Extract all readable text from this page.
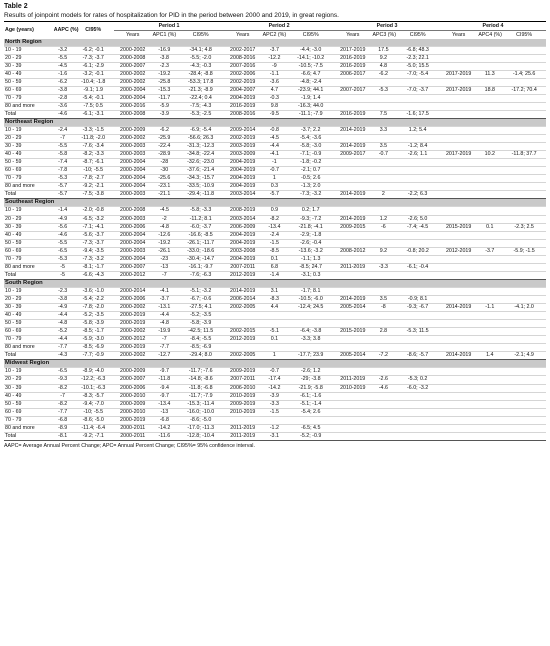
Table 2
Results of joinpoint models for rates of hospitalization for PID in the period between 2000 and 2019, in great regions.
Age (years)	AAPC (%)	CI95%	Period 1			Period 2			Period 3			Period 4		
			Years	APC1 (%)	CI95%	Years	APC2 (%)	CI95%	Years	APC3 (%)	CI95%	Years	APC4 (%)	CI95%
North Region														
10 - 19	-3.2	-6.2; -0.1	2000-2002	-16.9	-34.1; 4.8	2002-2017	-3.7	-4.4; -3.0	2017-2019	17.5	-6.8; 48.3			
20 - 29	-5.5	-7.3; -3.7	2000-2008	-3.8	-5.5; -2.0	2008-2016	-12.2	-14.1; -10.2	2016-2019	9.2	-2.3; 22.1			
30 - 39	-4.5	-6.1; -2.9	2000-2007	-2.3	-4.3; -0.3	2007-2016	-9	-10.5; -7.5	2016-2019	4.8	-5.0; 15.5			
40 - 49	-1.6	-3.2; -0.1	2000-2002	-19.2	-28.4; -8.8	2002-2006	-1.1	-6.6; 4.7	2006-2017	-6.2	-7.0; -5.4	2017-2019	11.3	-1.4; 25.6
50 - 59	-6.2	-10.4; -1.8	2000-2002	-25.8	-53.3; 17.8	2002-2019	-3.6	-4.8; -2.4						
60 - 69	-3.8	-9.1; 1.9	2000-2004	-15.3	-21.3; -8.9	2004-2007	4.7	-23.9; 44.1	2007-2017	-5.3	-7.0; -3.7	2017-2019	18.8	-17.2; 70.4
70 - 79	-2.8	-5.4; -0.1	2000-2004	-11.7	-22.4; 0.4	2004-2019	-0.3	-1.9; 1.4						
80 and more	-3.6	-7.5; 0.5	2000-2016	-5.9	-7.5; -4.3	2016-2019	9.8	-16.3; 44.0						
Total	-4.6	-6.1; -3.1	2000-2008	-3.9	-5.3; -2.5	2008-2016	-9.5	-11.1; -7.9	2016-2019	7.5	-1.6; 17.5			
Northeast Region														
10 - 19	-2.4	-3.3; -1.5	2000-2009	-6.2	-6.9; -5.4	2009-2014	-0.8	-3.7; 2.2	2014-2019	3.3	1.2; 5.4			
20 - 29	-7	-11.8; -2.0	2000-2002	-25.9	-56.6; 26.3	2002-2019	-4.5	-5.4; -3.6						
30 - 39	-5.5	-7.6; -3.4	2000-2003	-22.4	-31.3; -12.3	2003-2019	-4.4	-5.8; -3.0	2014-2019	3.5	-1.2; 8.4			
40 - 49	-5.8	-8.2; -3.3	2000-2003	-28.9	-34.8; -22.4	2003-2009	-4.1	-7.1; -0.9	2009-2017	-0.7	-2.6; 1.1	2017-2019	10.2	-11.8; 37.7
50 - 59	-7.4	-8.7; -6.1	2000-2004	-28	-32.6; -23.0	2004-2019	-1	-1.8; -0.2						
60 - 69	-7.8	-10; -5.5	2000-2004	-30	-37.6; -21.4	2004-2019	-0.7	-2.1; 0.7						
70 - 79	-5.3	-7.8; -2.7	2000-2004	-25.6	-34.3; -15.7	2004-2019	1	-0.5; 2.6						
80 and more	-5.7	-9.2; -2.1	2000-2004	-23.1	-33.5; -10.9	2004-2019	0.3	-1.3; 2.0						
Total	-5.7	-7.5; -3.8	2000-2003	-21.1	-29.4; -11.8	2003-2014	-5.7	-7.3; -3.2	2014-2019	2	-2.2; 6.3			
Southeast Region														
10 - 19	-1.4	-2.0; -0.8	2000-2008	-4.5	-5.8; -3.3	2008-2019	0.9	0.2; 1.7						
20 - 29	-4.9	-6.5; -3.2	2000-2003	-2	-11.2; 8.1	2003-2014	-8.2	-9.3; -7.2	2014-2019	1.2	-2.6; 5.0			
30 - 39	-5.6	-7.1; -4.1	2000-2006	-4.8	-6.0; -3.7	2006-2009	-13.4	-21.8; -4.1	2009-2015	-6	-7.4; -4.5	2015-2019	0.1	-2.3; 2.5
40 - 49	-4.6	-5.6; -3.7	2000-2004	-12.6	-16.6; -8.5	2004-2019	-2.4	-2.9; -1.8						
50 - 59	-5.5	-7.3; -3.7	2000-2004	-19.2	-26.1; -11.7	2004-2019	-1.5	-2.6; -0.4						
60 - 69	-6.5	-9.4; -3.5	2000-2003	-26.1	-33.0; -18.6	2003-2008	-8.5	-13.6; -3.2	2008-2012	9.2	-0.8; 20.2	2012-2019	-3.7	-5.9; -1.5
70 - 79	-5.3	-7.3; -3.2	2000-2004	-23	-30.4; -14.7	2004-2019	0.1	-1.1; 1.3						
80 and more	-5	-8.1; -1.7	2000-2007	-13	-16.1; -9.7	2007-2011	6.8	-8.5; 24.7	2011-2019	-3.3	-6.1; -0.4			
Total	-5	-6.6; -4.3	2000-2012	-7	-7.6; -6.3	2012-2019	-1.4	-3.1; 0.3						
South Region														
10 - 19	-2.3	-3.6; -1.0	2000-2014	-4.1	-5.1; -3.2	2014-2019	3.1	-1.7; 8.1						
20 - 29	-3.8	-5.4; -2.2	2000-2006	-3.7	-6.7; -0.6	2006-2014	-8.3	-10.5; -6.0	2014-2019	3.5	-0.9; 8.1			
30 - 39	-4.9	-7.8; -2.0	2000-2002	-13.1	-27.5; 4.1	2002-2005	4.4	-12.4; 24.5	2005-2014	-8	-9.3; -6.7	2014-2019	-1.1	-4.1; 2.0
40 - 49	-4.4	-5.2; -3.5	2000-2019	-4.4	-5.2; -3.5									
50 - 59	-4.8	-5.8; -3.9	2000-2019	-4.8	-5.8; -3.9									
60 - 69	-5.2	-8.5; -1.7	2000-2002	-19.9	-42.5; 11.5	2002-2015	-5.1	-6.4; -3.8	2015-2019	2.8	-5.3; 11.5			
70 - 79	-4.4	-5.9; -3.0	2000-2012	-7	-8.4; -5.5	2012-2019	0.1	-3.3; 3.8						
80 and more	-7.7	-8.5; -6.9	2000-2019	-7.7	-8.5; -6.9									
Total	-4.3	-7.7; -0.9	2000-2002	-12.7	-29.4; 8.0	2002-2005	1	-17.7; 23.9	2005-2014	-7.2	-8.6; -5.7	2014-2019	1.4	-2.1; 4.9
Midwest Region														
10 - 19	-6.5	-8.9; -4.0	2000-2009	-9.7	-11.7; -7.6	2009-2019	-0.7	-2.6; 1.2						
20 - 29	-9.3	-12.2; -6.3	2000-2007	-11.8	-14.8; -8.6	2007-2011	-17.4	-29; -3.8	2011-2019	-2.6	-5.3; 0.2			
30 - 39	-8.2	-10.1; -6.3	2000-2006	-9.4	-11.8; -6.8	2006-2010	-14.2	-21.9; -5.8	2010-2019	-4.6	-6.0; -3.2			
40 - 49	-7	-8.3; -5.7	2000-2010	-9.7	-11.7; -7.9	2010-2019	-3.9	-6.1; -1.6						
50 - 59	-8.2	-9.4; -7.0	2000-2009	-13.4	-15.3; -11.4	2009-2019	-3.3	-5.1; -1.4						
60 - 69	-7.7	-10; -5.5	2000-2010	-13	-16.0; -10.0	2010-2019	-1.5	-5.4; 2.6						
70 - 79	-6.8	-8.6; -5.0	2000-2019	-6.8	-8.6; -5.0									
80 and more	-8.9	-11.4; -6.4	2000-2011	-14.2	-17.0; -11.3	2011-2019	-1.2	-6.5; 4.5						
Total	-8.1	-9.2; -7.1	2000-2011	-11.6	-12.8; -10.4	2011-2019	-3.1	-5.2; -0.9						
AAPC= Average Annual Percent Change; APC= Annual Percent Change; CI95%= 95% confidence interval.
